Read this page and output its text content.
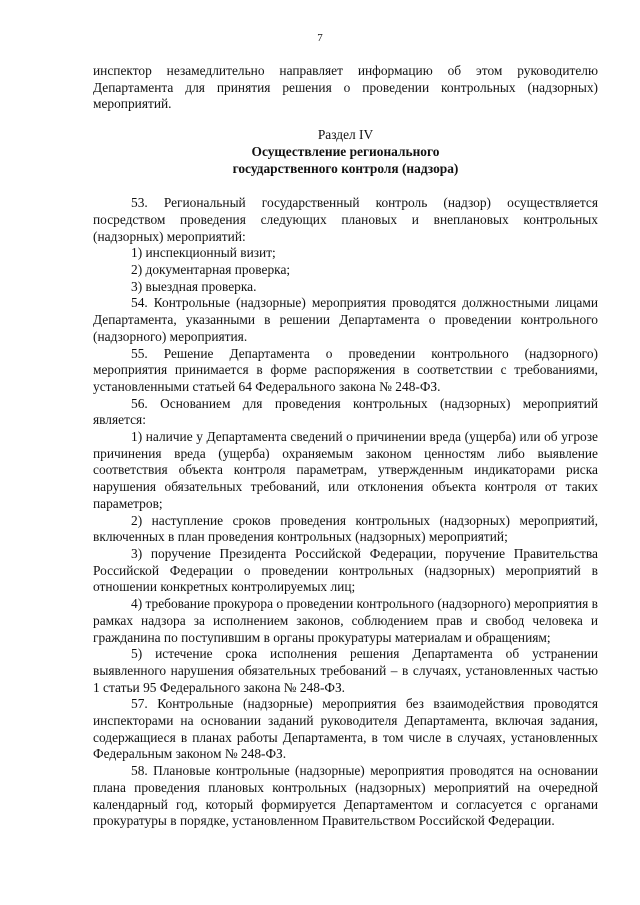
7

инспектор незамедлительно направляет информацию об этом руководителю Департамента для принятия решения о проведении контрольных (надзорных) мероприятий.

Раздел IV

Осуществление регионального

государственного контроля (надзора)

53. Региональный государственный контроль (надзор) осуществляется посредством проведения следующих плановых и внеплановых контрольных (надзорных) мероприятий:

1) инспекционный визит;

2) документарная проверка;

3) выездная проверка.

54. Контрольные (надзорные) мероприятия проводятся должностными лицами Департамента, указанными в решении Департамента о проведении контрольного (надзорного) мероприятия.

55. Решение Департамента о проведении контрольного (надзорного) мероприятия принимается в форме распоряжения в соответствии с требованиями, установленными статьей 64 Федерального закона № 248-ФЗ.

56. Основанием для проведения контрольных (надзорных) мероприятий является:

1) наличие у Департамента сведений о причинении вреда (ущерба) или об угрозе причинения вреда (ущерба) охраняемым законом ценностям либо выявление соответствия объекта контроля параметрам, утвержденным индикаторами риска нарушения обязательных требований, или отклонения объекта контроля от таких параметров;

2) наступление сроков проведения контрольных (надзорных) мероприятий, включенных в план проведения контрольных (надзорных) мероприятий;

3) поручение Президента Российской Федерации, поручение Правительства Российской Федерации о проведении контрольных (надзорных) мероприятий в отношении конкретных контролируемых лиц;

4) требование прокурора о проведении контрольного (надзорного) мероприятия в рамках надзора за исполнением законов, соблюдением прав и свобод человека и гражданина по поступившим в органы прокуратуры материалам и обращениям;

5) истечение срока исполнения решения Департамента об устранении выявленного нарушения обязательных требований – в случаях, установленных частью 1 статьи 95 Федерального закона № 248-ФЗ.

57. Контрольные (надзорные) мероприятия без взаимодействия проводятся инспекторами на основании заданий руководителя Департамента, включая задания, содержащиеся в планах работы Департамента, в том числе в случаях, установленных Федеральным законом № 248-ФЗ.

58. Плановые контрольные (надзорные) мероприятия проводятся на основании плана проведения плановых контрольных (надзорных) мероприятий на очередной календарный год, который формируется Департаментом и согласуется с органами прокуратуры в порядке, установленном Правительством Российской Федерации.
